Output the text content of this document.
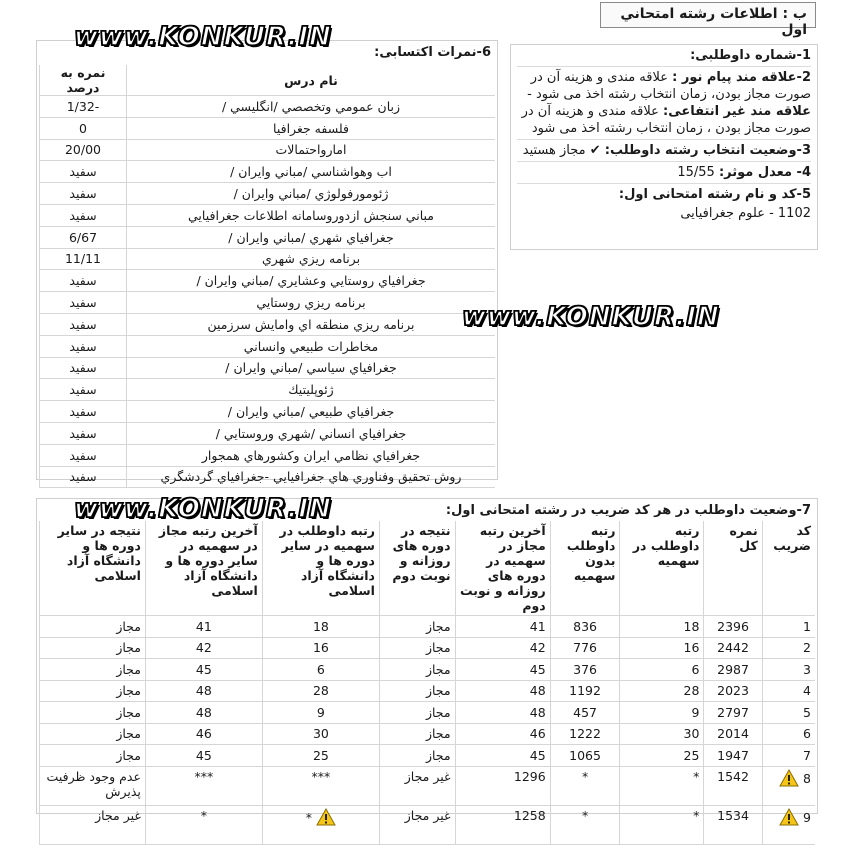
ب : اطلاعات رشته امتحاني اول

1-شماره داوطلبی:

2-علاقه مند پیام نور : علاقه مندی و هزینه آن در صورت مجاز بودن، زمان انتخاب رشته اخذ می شود - علاقه مند غیر انتفاعی: علاقه مندی و هزینه آن در صورت مجاز بودن ، زمان انتخاب رشته اخذ می شود

3-وضعیت انتخاب رشته داوطلب: ✔ مجاز هستید

4- معدل موثر: 15/55

5-کد و نام رشته امتحانی اول:

1102 - علوم جغرافیایی

6-نمرات اکتسابی:
نام درس	نمره به درصد
زبان عمومي وتخصصي /انگليسي /	-1/32
فلسفه جغرافيا	0
امارواحتمالات	20/00
اب وهواشناسي /مباني وايران /	سفيد
ژئومورفولوژي /مباني وايران /	سفيد
مباني سنجش ازدوروسامانه اطلاعات جغرافيايي	سفيد
جغرافياي شهري /مباني وايران /	6/67
برنامه ريزي شهري	11/11
جغرافياي روستايي وعشايري /مباني وايران /	سفيد
برنامه ريزي روستايي	سفيد
برنامه ريزي منطقه اي وامايش سرزمين	سفيد
مخاطرات طبيعي وانساني	سفيد
جغرافياي سياسي /مباني وايران /	سفيد
ژئوپليتيك	سفيد
جغرافياي طبيعي /مباني وايران /	سفيد
جغرافياي انساني /شهري وروستايي /	سفيد
جغرافياي نظامي ايران وكشورهاي همجوار	سفيد
روش تحقيق وفناوري هاي جغرافيايي -جغرافياي گردشگري	سفيد
7-وضعیت داوطلب در هر کد ضریب در رشته امتحانی اول:
کد ضریب	نمره کل	رتبه داوطلب در سهمیه	رتبه داوطلب بدون سهمیه	آخرین رتبه مجاز در سهمیه در دوره های روزانه و نوبت دوم	نتیجه در دوره های روزانه و نوبت دوم	رتبه داوطلب در سهمیه در سایر دوره ها و دانشگاه آزاد اسلامی	آخرین رتبه مجاز در سهمیه در سایر دوره ها و دانشگاه آزاد اسلامی	نتیجه در سایر دوره ها و دانشگاه آزاد اسلامی
1	2396	18	836	41	مجاز	18	41	مجاز
2	2442	16	776	42	مجاز	16	42	مجاز
3	2987	6	376	45	مجاز	6	45	مجاز
4	2023	28	1192	48	مجاز	28	48	مجاز
5	2797	9	457	48	مجاز	9	48	مجاز
6	2014	30	1222	46	مجاز	30	46	مجاز
7	1947	25	1065	45	مجاز	25	45	مجاز
8	1542	*	*	1296	غیر مجاز	***	***	عدم وجود ظرفیت پذیرش
9	1534	*	*	1258	غیر مجاز	*	*	غیر مجاز
www.KONKUR.IN
www.KONKUR.IN
www.KONKUR.IN
